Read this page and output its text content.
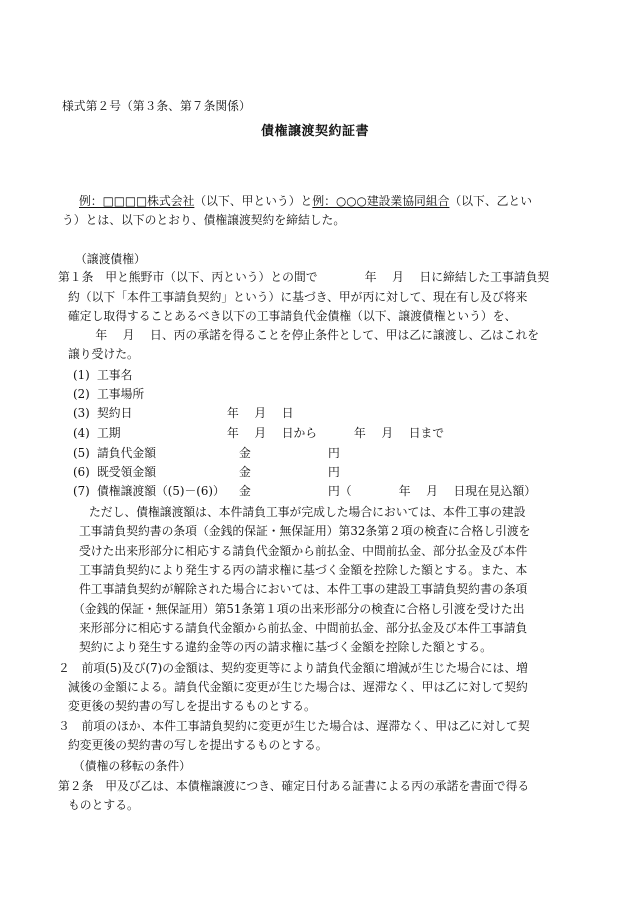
様式第２号（第３条、第７条関係）
債権譲渡契約証書
例：□□□□株式会社（以下、甲という）と例：○○○建設業協同組合（以下、乙とい
う）とは、以下のとおり、債権譲渡契約を締結した。
（譲渡債権）
第１条　甲と熊野市（以下、丙という）との間で　　　　年　 月　 日に締結した工事請負契
約（以下「本件工事請負契約」という）に基づき、甲が丙に対して、現在有し及び将来
確定し取得することあるべき以下の工事請負代金債権（以下、譲渡債権という）を、
　　 年　 月　 日、丙の承諾を得ることを停止条件として、甲は乙に譲渡し、乙はこれを
譲り受けた。
(1) 工事名
(2) 工事場所
(3) 契約日	年　 月　 日
(4) 工期	年　 月　 日から	年　 月　 日まで
(5) 請負代金額	金	円
(6) 既受領金額	金	円
(7) 債権譲渡額（(5)－(6)） 金	円（　　　　年　 月　 日現在見込額）
ただし、債権譲渡額は、本件請負工事が完成した場合においては、本件工事の建設
工事請負契約書の条項（金銭的保証・無保証用）第32条第２項の検査に合格し引渡を
受けた出来形部分に相応する請負代金額から前払金、中間前払金、部分払金及び本件
工事請負契約により発生する丙の請求権に基づく金額を控除した額とする。また、本
件工事請負契約が解除された場合においては、本件工事の建設工事請負契約書の条項
（金銭的保証・無保証用）第51条第１項の出来形部分の検査に合格し引渡を受けた出
来形部分に相応する請負代金額から前払金、中間前払金、部分払金及び本件工事請負
契約により発生する違約金等の丙の請求権に基づく金額を控除した額とする。
２　前項(5)及び(7)の金額は、契約変更等により請負代金額に増減が生じた場合には、増
減後の金額による。請負代金額に変更が生じた場合は、遅滞なく、甲は乙に対して契約
変更後の契約書の写しを提出するものとする。
３　前項のほか、本件工事請負契約に変更が生じた場合は、遅滞なく、甲は乙に対して契
約変更後の契約書の写しを提出するものとする。
（債権の移転の条件）
第２条　甲及び乙は、本債権譲渡につき、確定日付ある証書による丙の承諾を書面で得る
ものとする。
